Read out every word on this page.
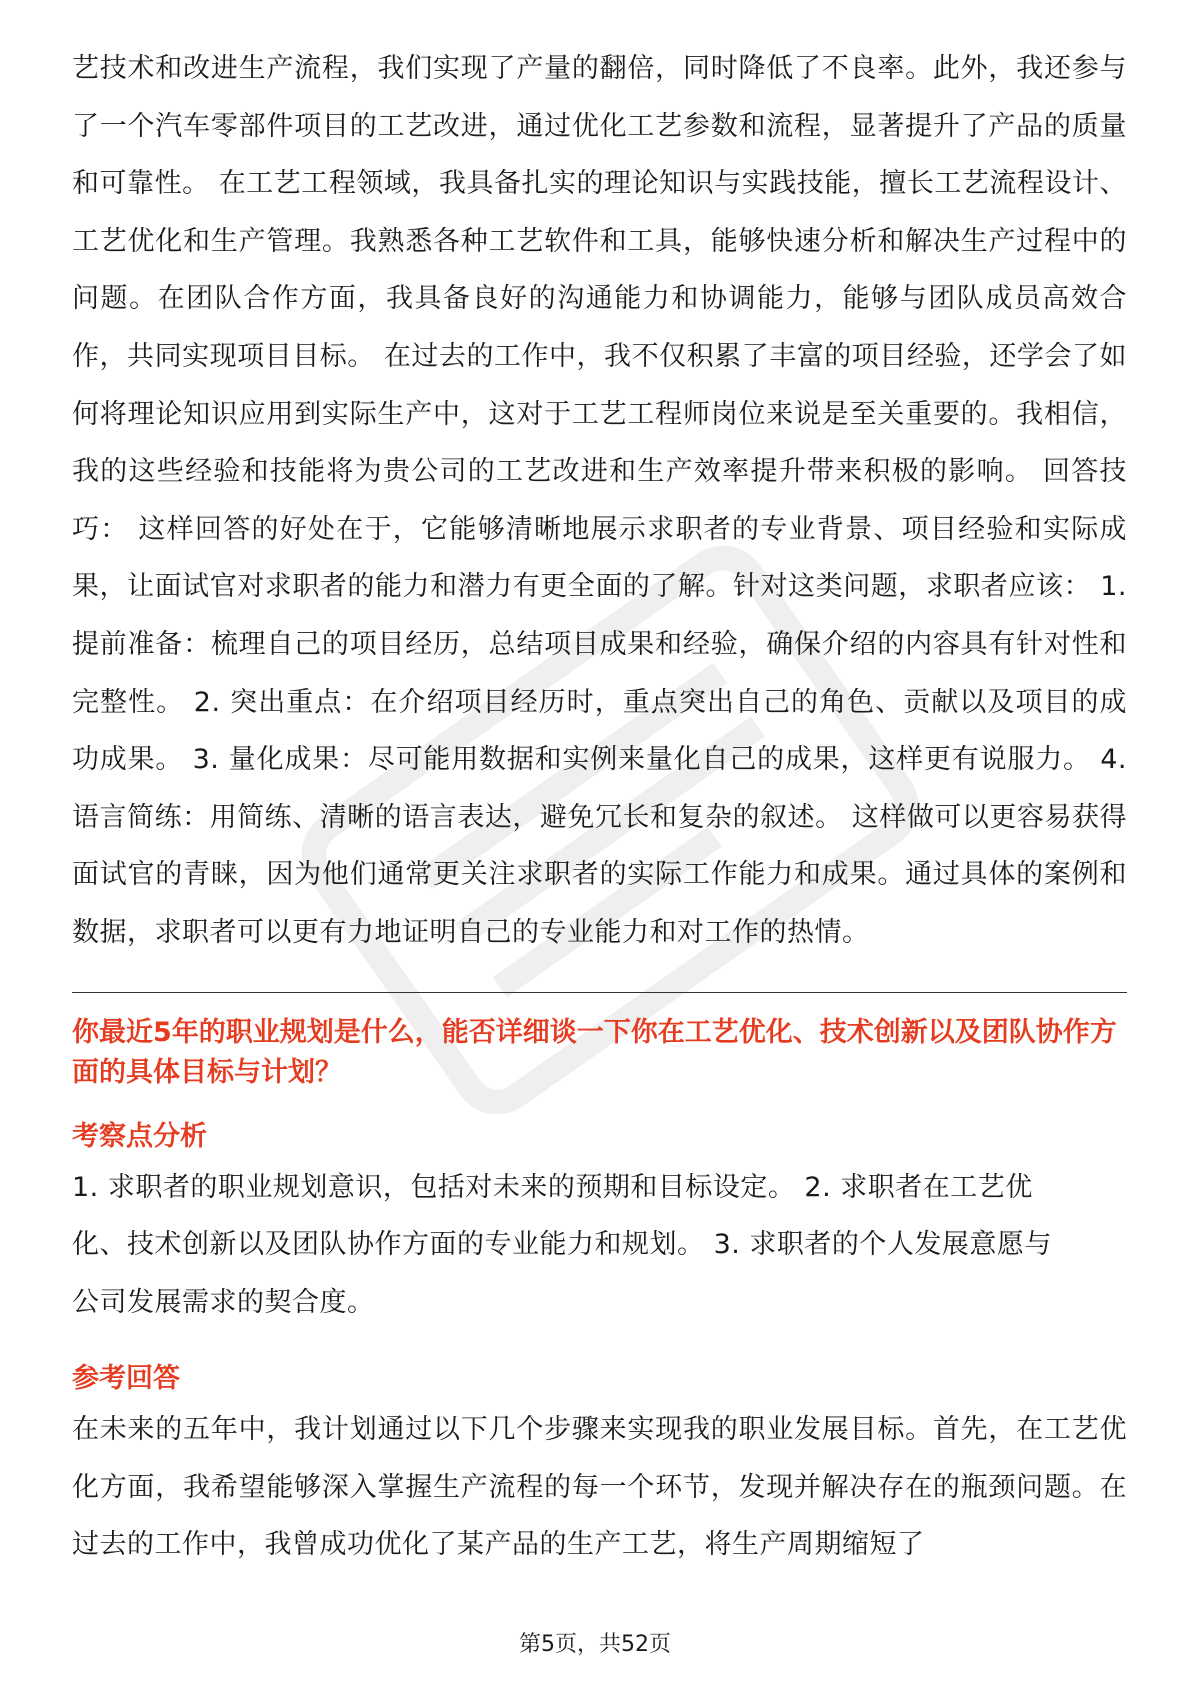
艺技术和改进生产流程，我们实现了产量的翻倍，同时降低了不良率。此外，我还参与了一个汽车零部件项目的工艺改进，通过优化工艺参数和流程，显著提升了产品的质量和可靠性。 在工艺工程领域，我具备扎实的理论知识与实践技能，擅长工艺流程设计、工艺优化和生产管理。我熟悉各种工艺软件和工具，能够快速分析和解决生产过程中的问题。在团队合作方面，我具备良好的沟通能力和协调能力，能够与团队成员高效合作，共同实现项目目标。 在过去的工作中，我不仅积累了丰富的项目经验，还学会了如何将理论知识应用到实际生产中，这对于工艺工程师岗位来说是至关重要的。我相信，我的这些经验和技能将为贵公司的工艺改进和生产效率提升带来积极的影响。 回答技巧： 这样回答的好处在于，它能够清晰地展示求职者的专业背景、项目经验和实际成果，让面试官对求职者的能力和潜力有更全面的了解。针对这类问题，求职者应该： 1. 提前准备：梳理自己的项目经历，总结项目成果和经验，确保介绍的内容具有针对性和完整性。 2. 突出重点：在介绍项目经历时，重点突出自己的角色、贡献以及项目的成功成果。 3. 量化成果：尽可能用数据和实例来量化自己的成果，这样更有说服力。 4. 语言简练：用简练、清晰的语言表达，避免冗长和复杂的叙述。 这样做可以更容易获得面试官的青睐，因为他们通常更关注求职者的实际工作能力和成果。通过具体的案例和数据，求职者可以更有力地证明自己的专业能力和对工作的热情。

你最近5年的职业规划是什么，能否详细谈一下你在工艺优化、技术创新以及团队协作方面的具体目标与计划？
考察点分析

1. 求职者的职业规划意识，包括对未来的预期和目标设定。 2. 求职者在工艺优化、技术创新以及团队协作方面的专业能力和规划。 3. 求职者的个人发展意愿与公司发展需求的契合度。

参考回答

在未来的五年中，我计划通过以下几个步骤来实现我的职业发展目标。首先，在工艺优化方面，我希望能够深入掌握生产流程的每一个环节，发现并解决存在的瓶颈问题。在过去的工作中，我曾成功优化了某产品的生产工艺，将生产周期缩短了

第5页，共52页
